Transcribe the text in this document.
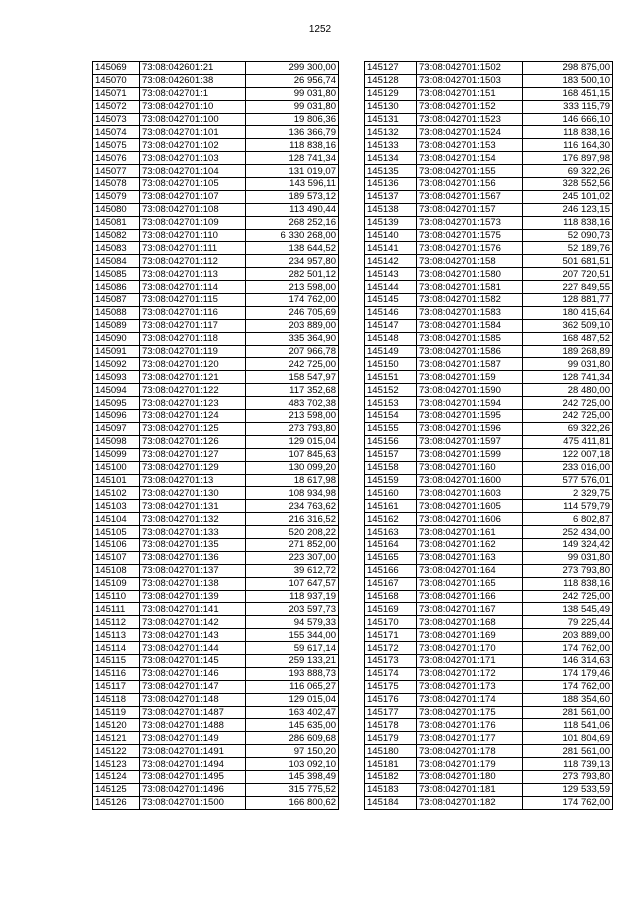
1252
145069	73:08:042601:21	299 300,00
145070	73:08:042601:38	26 956,74
145071	73:08:042701:1	99 031,80
145072	73:08:042701:10	99 031,80
145073	73:08:042701:100	19 806,36
145074	73:08:042701:101	136 366,79
145075	73:08:042701:102	118 838,16
145076	73:08:042701:103	128 741,34
145077	73:08:042701:104	131 019,07
145078	73:08:042701:105	143 596,11
145079	73:08:042701:107	189 573,12
145080	73:08:042701:108	113 490,44
145081	73:08:042701:109	268 252,16
145082	73:08:042701:110	6 330 268,00
145083	73:08:042701:111	138 644,52
145084	73:08:042701:112	234 957,80
145085	73:08:042701:113	282 501,12
145086	73:08:042701:114	213 598,00
145087	73:08:042701:115	174 762,00
145088	73:08:042701:116	246 705,69
145089	73:08:042701:117	203 889,00
145090	73:08:042701:118	335 364,90
145091	73:08:042701:119	207 966,78
145092	73:08:042701:120	242 725,00
145093	73:08:042701:121	158 547,97
145094	73:08:042701:122	117 352,68
145095	73:08:042701:123	483 702,38
145096	73:08:042701:124	213 598,00
145097	73:08:042701:125	273 793,80
145098	73:08:042701:126	129 015,04
145099	73:08:042701:127	107 845,63
145100	73:08:042701:129	130 099,20
145101	73:08:042701:13	18 617,98
145102	73:08:042701:130	108 934,98
145103	73:08:042701:131	234 763,62
145104	73:08:042701:132	216 316,52
145105	73:08:042701:133	520 208,22
145106	73:08:042701:135	271 852,00
145107	73:08:042701:136	223 307,00
145108	73:08:042701:137	39 612,72
145109	73:08:042701:138	107 647,57
145110	73:08:042701:139	118 937,19
145111	73:08:042701:141	203 597,73
145112	73:08:042701:142	94 579,33
145113	73:08:042701:143	155 344,00
145114	73:08:042701:144	59 617,14
145115	73:08:042701:145	259 133,21
145116	73:08:042701:146	193 888,73
145117	73:08:042701:147	116 065,27
145118	73:08:042701:148	129 015,04
145119	73:08:042701:1487	163 402,47
145120	73:08:042701:1488	145 635,00
145121	73:08:042701:149	286 609,68
145122	73:08:042701:1491	97 150,20
145123	73:08:042701:1494	103 092,10
145124	73:08:042701:1495	145 398,49
145125	73:08:042701:1496	315 775,52
145126	73:08:042701:1500	166 800,62
145127	73:08:042701:1502	298 875,00
145128	73:08:042701:1503	183 500,10
145129	73:08:042701:151	168 451,15
145130	73:08:042701:152	333 115,79
145131	73:08:042701:1523	146 666,10
145132	73:08:042701:1524	118 838,16
145133	73:08:042701:153	116 164,30
145134	73:08:042701:154	176 897,98
145135	73:08:042701:155	69 322,26
145136	73:08:042701:156	328 552,56
145137	73:08:042701:1567	245 101,02
145138	73:08:042701:157	246 123,15
145139	73:08:042701:1573	118 838,16
145140	73:08:042701:1575	52 090,73
145141	73:08:042701:1576	52 189,76
145142	73:08:042701:158	501 681,51
145143	73:08:042701:1580	207 720,51
145144	73:08:042701:1581	227 849,55
145145	73:08:042701:1582	128 881,77
145146	73:08:042701:1583	180 415,64
145147	73:08:042701:1584	362 509,10
145148	73:08:042701:1585	168 487,52
145149	73:08:042701:1586	189 268,89
145150	73:08:042701:1587	99 031,80
145151	73:08:042701:159	128 741,34
145152	73:08:042701:1590	28 480,00
145153	73:08:042701:1594	242 725,00
145154	73:08:042701:1595	242 725,00
145155	73:08:042701:1596	69 322,26
145156	73:08:042701:1597	475 411,81
145157	73:08:042701:1599	122 007,18
145158	73:08:042701:160	233 016,00
145159	73:08:042701:1600	577 576,01
145160	73:08:042701:1603	2 329,75
145161	73:08:042701:1605	114 579,79
145162	73:08:042701:1606	6 802,87
145163	73:08:042701:161	252 434,00
145164	73:08:042701:162	149 324,42
145165	73:08:042701:163	99 031,80
145166	73:08:042701:164	273 793,80
145167	73:08:042701:165	118 838,16
145168	73:08:042701:166	242 725,00
145169	73:08:042701:167	138 545,49
145170	73:08:042701:168	79 225,44
145171	73:08:042701:169	203 889,00
145172	73:08:042701:170	174 762,00
145173	73:08:042701:171	146 314,63
145174	73:08:042701:172	174 179,46
145175	73:08:042701:173	174 762,00
145176	73:08:042701:174	188 354,60
145177	73:08:042701:175	281 561,00
145178	73:08:042701:176	118 541,06
145179	73:08:042701:177	101 804,69
145180	73:08:042701:178	281 561,00
145181	73:08:042701:179	118 739,13
145182	73:08:042701:180	273 793,80
145183	73:08:042701:181	129 533,59
145184	73:08:042701:182	174 762,00
